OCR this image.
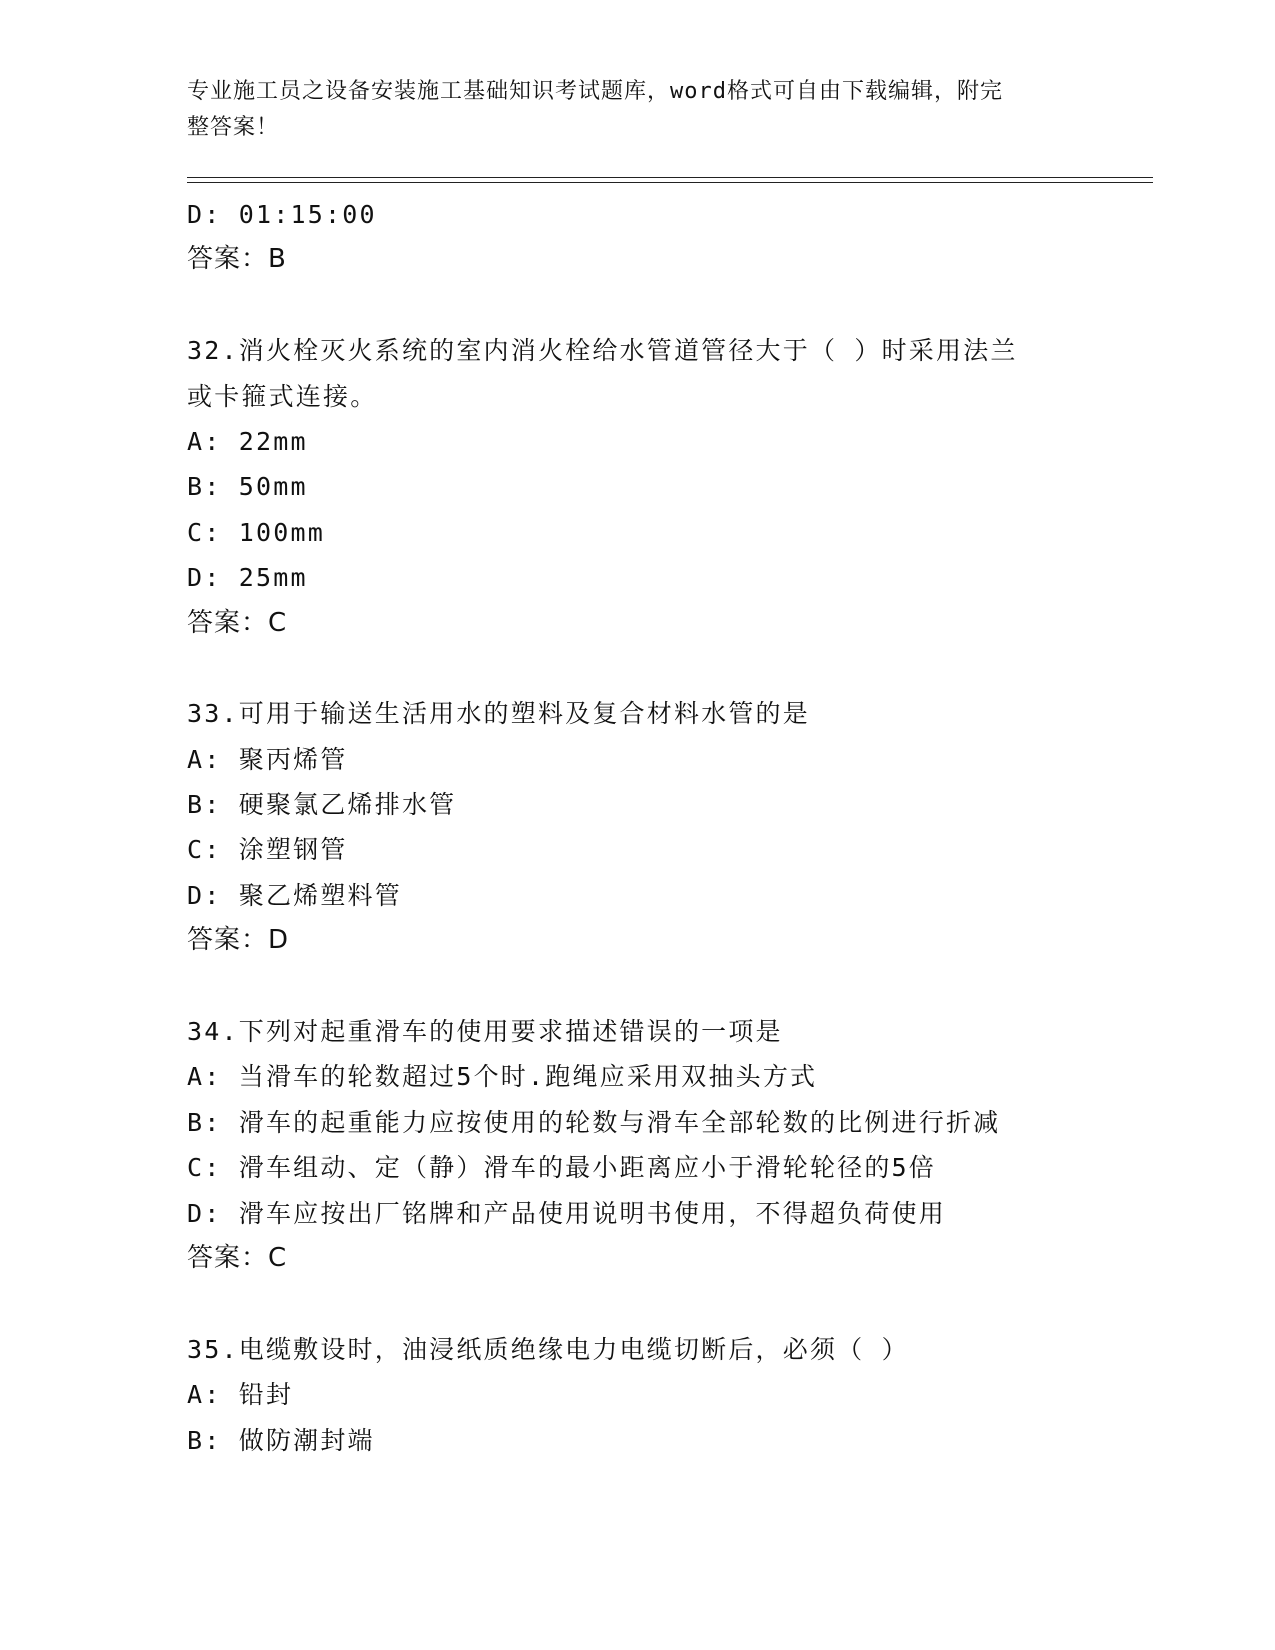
专业施工员之设备安装施工基础知识考试题库，word格式可自由下载编辑，附完
整答案！
D: 01:15:00
答案：B
32.消火栓灭火系统的室内消火栓给水管道管径大于（ ）时采用法兰
或卡箍式连接。
A: 22mm
B: 50mm
C: 100mm
D: 25mm
答案：C
33.可用于输送生活用水的塑料及复合材料水管的是
A: 聚丙烯管
B: 硬聚氯乙烯排水管
C: 涂塑钢管
D: 聚乙烯塑料管
答案：D
34.下列对起重滑车的使用要求描述错误的一项是
A: 当滑车的轮数超过5个时.跑绳应采用双抽头方式
B: 滑车的起重能力应按使用的轮数与滑车全部轮数的比例进行折减
C: 滑车组动、定（静）滑车的最小距离应小于滑轮轮径的5倍
D: 滑车应按出厂铭牌和产品使用说明书使用，不得超负荷使用
答案：C
35.电缆敷设时，油浸纸质绝缘电力电缆切断后，必须（ ）
A: 铅封
B: 做防潮封端
